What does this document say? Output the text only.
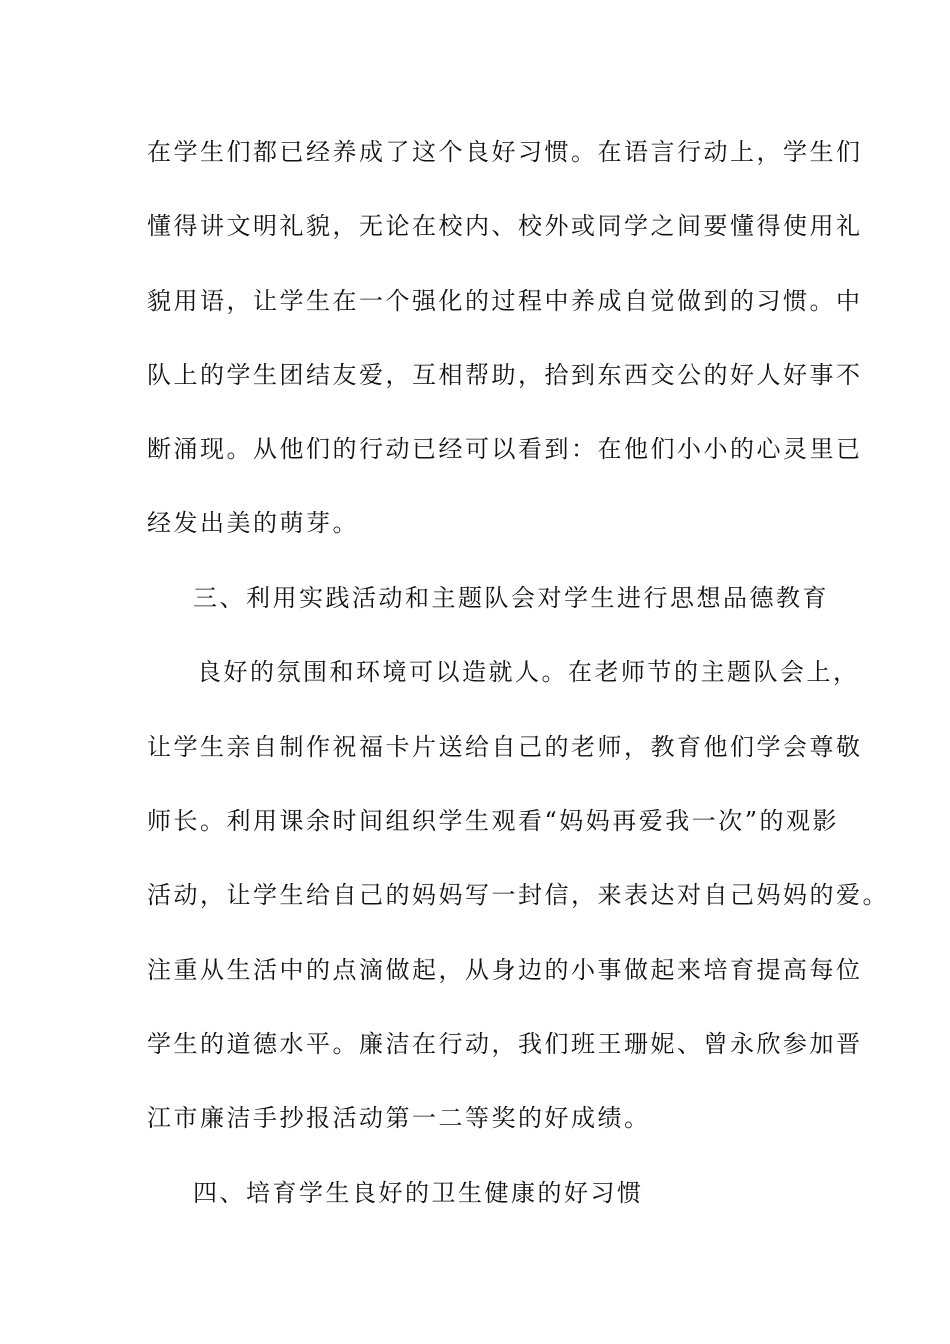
在学生们都已经养成了这个良好习惯。在语言行动上，学生们
懂得讲文明礼貌，无论在校内、校外或同学之间要懂得使用礼
貌用语，让学生在一个强化的过程中养成自觉做到的习惯。中
队上的学生团结友爱，互相帮助，拾到东西交公的好人好事不
断涌现。从他们的行动已经可以看到：在他们小小的心灵里已
经发出美的萌芽。
三、利用实践活动和主题队会对学生进行思想品德教育
良好的氛围和环境可以造就人。在老师节的主题队会上，
让学生亲自制作祝福卡片送给自己的老师，教育他们学会尊敬
师长。利用课余时间组织学生观看“妈妈再爱我一次”的观影
活动，让学生给自己的妈妈写一封信，来表达对自己妈妈的爱。
注重从生活中的点滴做起，从身边的小事做起来培育提高每位
学生的道德水平。廉洁在行动，我们班王珊妮、曾永欣参加晋
江市廉洁手抄报活动第一二等奖的好成绩。
四、培育学生良好的卫生健康的好习惯
